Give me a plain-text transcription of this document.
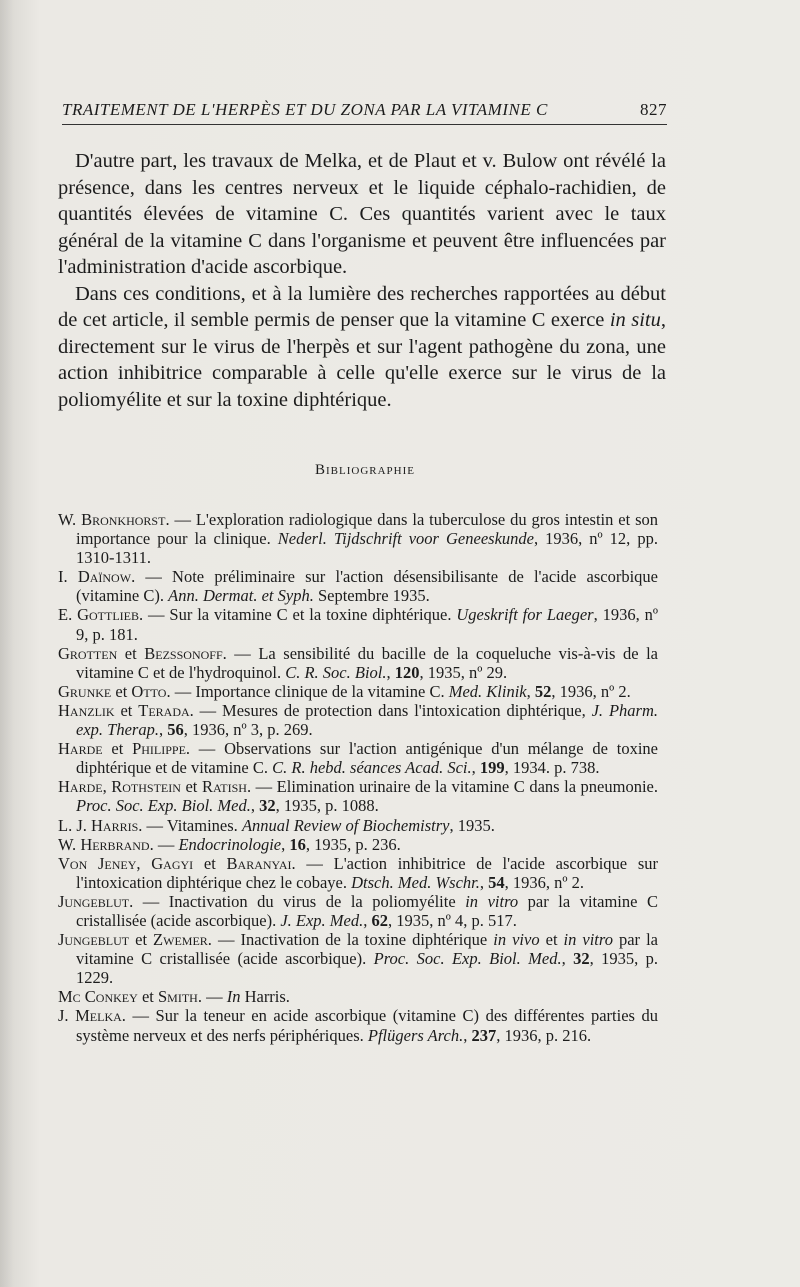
TRAITEMENT DE L'HERPÈS ET DU ZONA PAR LA VITAMINE C	827

D'autre part, les travaux de Melka, et de Plaut et v. Bulow ont révélé la présence, dans les centres nerveux et le liquide céphalo-rachidien, de quantités élevées de vitamine C. Ces quantités varient avec le taux général de la vitamine C dans l'organisme et peuvent être influencées par l'administration d'acide ascorbique.

Dans ces conditions, et à la lumière des recherches rapportées au début de cet article, il semble permis de penser que la vitamine C exerce in situ, directement sur le virus de l'herpès et sur l'agent pathogène du zona, une action inhibitrice comparable à celle qu'elle exerce sur le virus de la poliomyélite et sur la toxine diphtérique.

Bibliographie

W. Bronkhorst. — L'exploration radiologique dans la tuberculose du gros intestin et son importance pour la clinique. Nederl. Tijdschrift voor Geneeskunde, 1936, nº 12, pp. 1310-1311.

I. Daïnow. — Note préliminaire sur l'action désensibilisante de l'acide ascorbique (vitamine C). Ann. Dermat. et Syph. Septembre 1935.

E. Gottlieb. — Sur la vitamine C et la toxine diphtérique. Ugeskrift for Laeger, 1936, nº 9, p. 181.

Grotten et Bezssonoff. — La sensibilité du bacille de la coqueluche vis-à-vis de la vitamine C et de l'hydroquinol. C. R. Soc. Biol., 120, 1935, nº 29.

Grunke et Otto. — Importance clinique de la vitamine C. Med. Klinik, 52, 1936, nº 2.

Hanzlik et Terada. — Mesures de protection dans l'intoxication diphtérique, J. Pharm. exp. Therap., 56, 1936, nº 3, p. 269.

Harde et Philippe. — Observations sur l'action antigénique d'un mélange de toxine diphtérique et de vitamine C. C. R. hebd. séances Acad. Sci., 199, 1934. p. 738.

Harde, Rothstein et Ratish. — Elimination urinaire de la vitamine C dans la pneumonie. Proc. Soc. Exp. Biol. Med., 32, 1935, p. 1088.

L. J. Harris. — Vitamines. Annual Review of Biochemistry, 1935.

W. Herbrand. — Endocrinologie, 16, 1935, p. 236.

Von Jeney, Gagyi et Baranyai. — L'action inhibitrice de l'acide ascorbique sur l'intoxication diphtérique chez le cobaye. Dtsch. Med. Wschr., 54, 1936, nº 2.

Jungeblut. — Inactivation du virus de la poliomyélite in vitro par la vitamine C cristallisée (acide ascorbique). J. Exp. Med., 62, 1935, nº 4, p. 517.

Jungeblut et Zwemer. — Inactivation de la toxine diphtérique in vivo et in vitro par la vitamine C cristallisée (acide ascorbique). Proc. Soc. Exp. Biol. Med., 32, 1935, p. 1229.

Mc Conkey et Smith. — In Harris.

J. Melka. — Sur la teneur en acide ascorbique (vitamine C) des différentes parties du système nerveux et des nerfs périphériques. Pflügers Arch., 237, 1936, p. 216.
